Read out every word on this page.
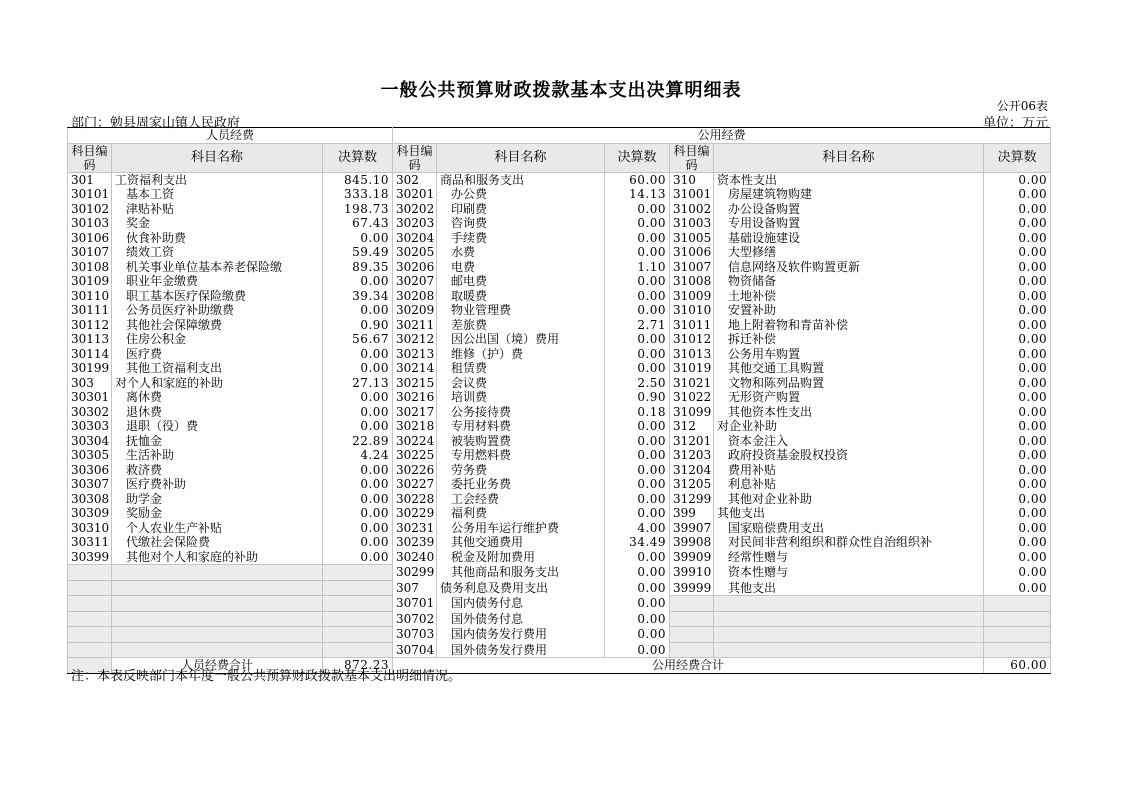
一般公共预算财政拨款基本支出决算明细表
公开06表
部门：勉县周家山镇人民政府	单位：万元
人员经费			公用经费					
科目编码	科目名称	决算数	科目编码	科目名称	决算数	科目编码	科目名称	决算数
301	工资福利支出	845.10	302	商品和服务支出	60.00	310	资本性支出	0.00
30101	基本工资	333.18	30201	办公费	14.13	31001	房屋建筑物购建	0.00
30102	津贴补贴	198.73	30202	印刷费	0.00	31002	办公设备购置	0.00
30103	奖金	67.43	30203	咨询费	0.00	31003	专用设备购置	0.00
30106	伙食补助费	0.00	30204	手续费	0.00	31005	基础设施建设	0.00
30107	绩效工资	59.49	30205	水费	0.00	31006	大型修缮	0.00
30108	机关事业单位基本养老保险缴	89.35	30206	电费	1.10	31007	信息网络及软件购置更新	0.00
30109	职业年金缴费	0.00	30207	邮电费	0.00	31008	物资储备	0.00
30110	职工基本医疗保险缴费	39.34	30208	取暖费	0.00	31009	土地补偿	0.00
30111	公务员医疗补助缴费	0.00	30209	物业管理费	0.00	31010	安置补助	0.00
30112	其他社会保障缴费	0.90	30211	差旅费	2.71	31011	地上附着物和青苗补偿	0.00
30113	住房公积金	56.67	30212	因公出国（境）费用	0.00	31012	拆迁补偿	0.00
30114	医疗费	0.00	30213	维修（护）费	0.00	31013	公务用车购置	0.00
30199	其他工资福利支出	0.00	30214	租赁费	0.00	31019	其他交通工具购置	0.00
303	对个人和家庭的补助	27.13	30215	会议费	2.50	31021	文物和陈列品购置	0.00
30301	离休费	0.00	30216	培训费	0.90	31022	无形资产购置	0.00
30302	退休费	0.00	30217	公务接待费	0.18	31099	其他资本性支出	0.00
30303	退职（役）费	0.00	30218	专用材料费	0.00	312	对企业补助	0.00
30304	抚恤金	22.89	30224	被装购置费	0.00	31201	资本金注入	0.00
30305	生活补助	4.24	30225	专用燃料费	0.00	31203	政府投资基金股权投资	0.00
30306	救济费	0.00	30226	劳务费	0.00	31204	费用补贴	0.00
30307	医疗费补助	0.00	30227	委托业务费	0.00	31205	利息补贴	0.00
30308	助学金	0.00	30228	工会经费	0.00	31299	其他对企业补助	0.00
30309	奖励金	0.00	30229	福利费	0.00	399	其他支出	0.00
30310	个人农业生产补贴	0.00	30231	公务用车运行维护费	4.00	39907	国家赔偿费用支出	0.00
30311	代缴社会保险费	0.00	30239	其他交通费用	34.49	39908	对民间非营利组织和群众性自治组织补	0.00
30399	其他对个人和家庭的补助	0.00	30240	税金及附加费用	0.00	39909	经常性赠与	0.00
			30299	其他商品和服务支出	0.00	39910	资本性赠与	0.00
			307	债务利息及费用支出	0.00	39999	其他支出	0.00
			30701	国内债务付息	0.00			
			30702	国外债务付息	0.00			
			30703	国内债务发行费用	0.00			
			30704	国外债务发行费用	0.00			
	人员经费合计	872.23	公用经费合计					60.00
注：本表反映部门本年度一般公共预算财政拨款基本支出明细情况。
